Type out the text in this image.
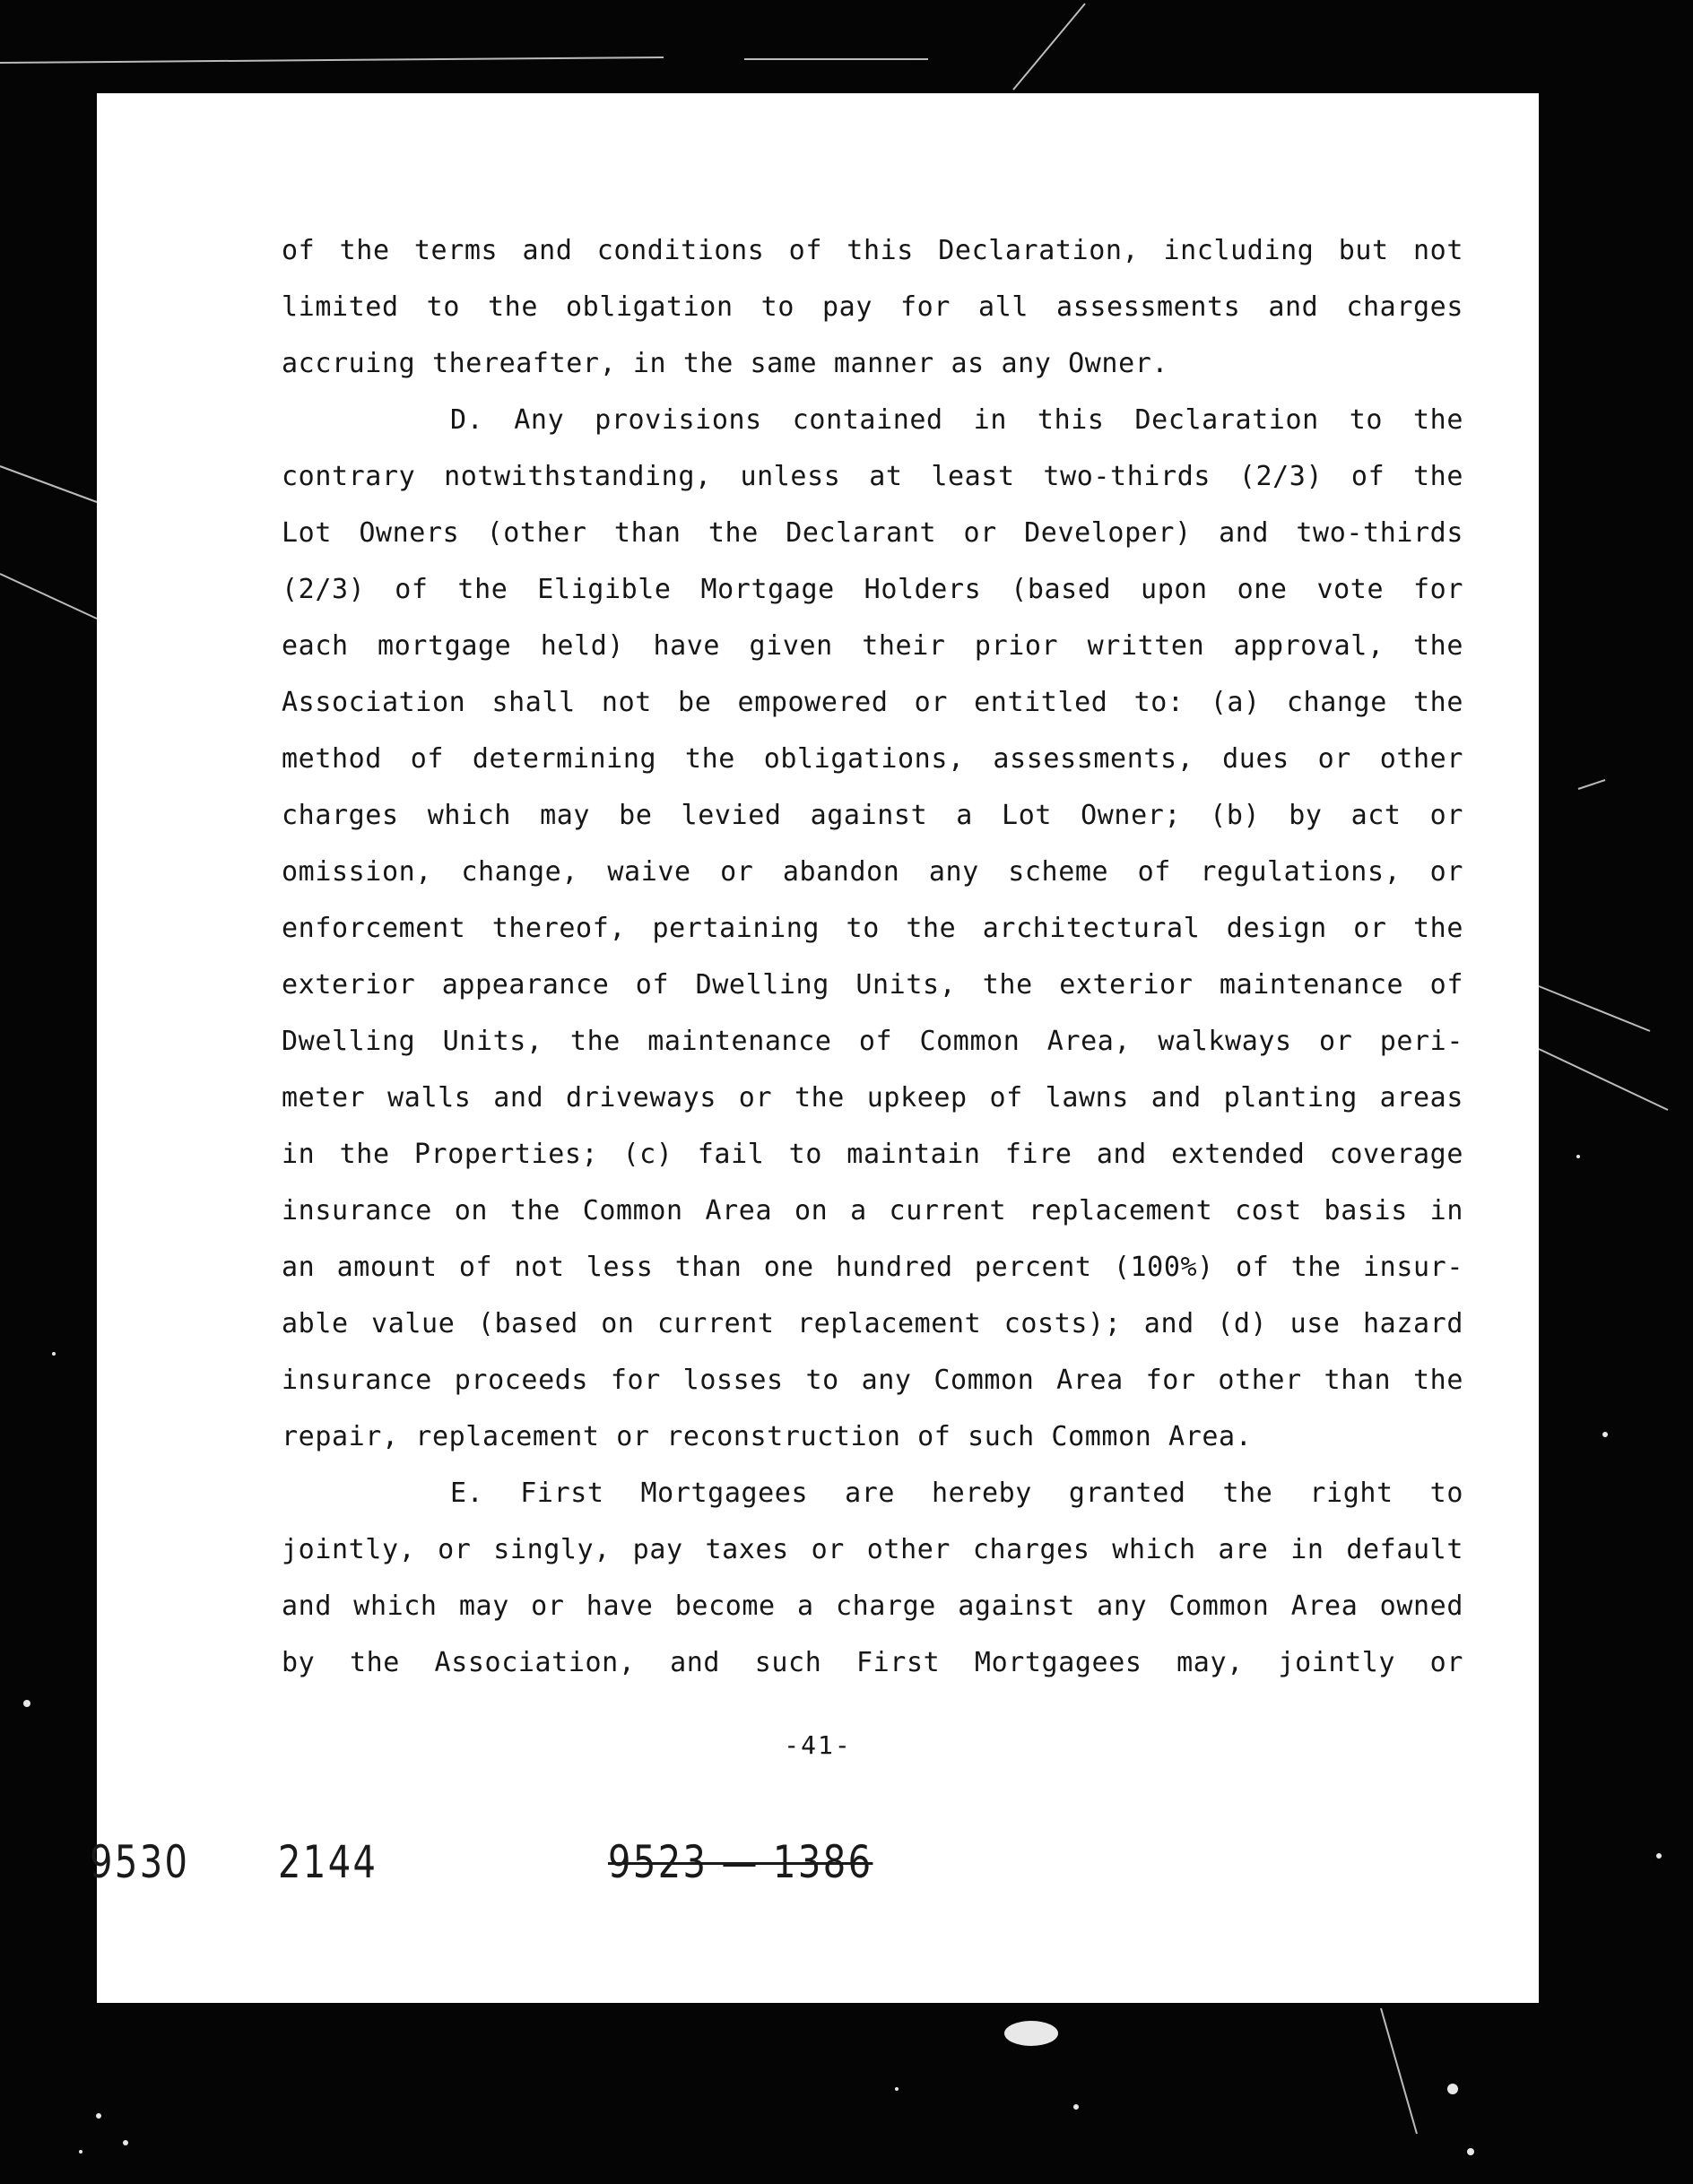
of the terms and conditions of this Declaration, including but not
limited to the obligation to pay for all assessments and charges
accruing thereafter, in the same manner as any Owner.
D. Any provisions contained in this Declaration to the
contrary notwithstanding, unless at least two-thirds (2/3) of the
Lot Owners (other than the Declarant or Developer) and two-thirds
(2/3) of the Eligible Mortgage Holders (based upon one vote for
each mortgage held) have given their prior written approval, the
Association shall not be empowered or entitled to: (a) change the
method of determining the obligations, assessments, dues or other
charges which may be levied against a Lot Owner; (b) by act or
omission, change, waive or abandon any scheme of regulations, or
enforcement thereof, pertaining to the architectural design or the
exterior appearance of Dwelling Units, the exterior maintenance of
Dwelling Units, the maintenance of Common Area, walkways or peri-
meter walls and driveways or the upkeep of lawns and planting areas
in the Properties; (c) fail to maintain fire and extended coverage
insurance on the Common Area on a current replacement cost basis in
an amount of not less than one hundred percent (100%) of the insur-
able value (based on current replacement costs); and (d) use hazard
insurance proceeds for losses to any Common Area for other than the
repair, replacement or reconstruction of such Common Area.
E. First Mortgagees are hereby granted the right to
jointly, or singly, pay taxes or other charges which are in default
and which may or have become a charge against any Common Area owned
by the Association, and such First Mortgagees may, jointly or
-41-
9530 2144	9523 — 1386
